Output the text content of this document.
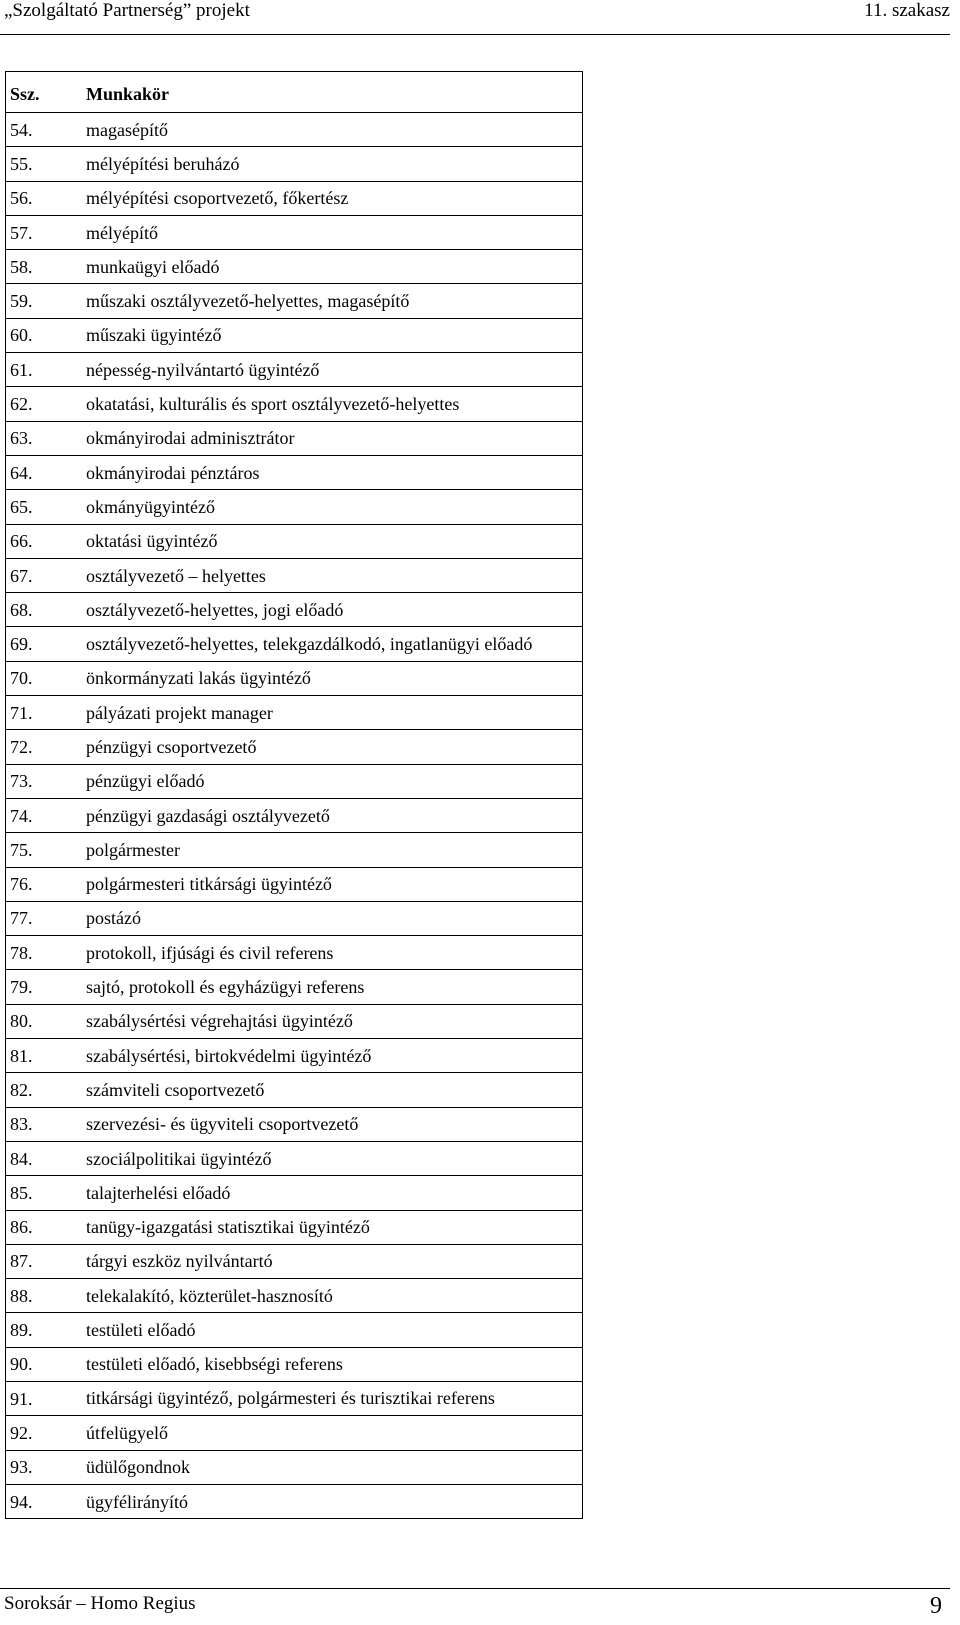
„Szolgáltató Partnerség” projekt	11. szakasz
Ssz.	Munkakör
54.	magasépítő
55.	mélyépítési beruházó
56.	mélyépítési csoportvezető, főkertész
57.	mélyépítő
58.	munkaügyi előadó
59.	műszaki osztályvezető-helyettes, magasépítő
60.	műszaki ügyintéző
61.	népesség-nyilvántartó ügyintéző
62.	okatatási, kulturális és sport osztályvezető-helyettes
63.	okmányirodai adminisztrátor
64.	okmányirodai pénztáros
65.	okmányügyintéző
66.	oktatási ügyintéző
67.	osztályvezető – helyettes
68.	osztályvezető-helyettes, jogi előadó
69.	osztályvezető-helyettes, telekgazdálkodó, ingatlanügyi előadó
70.	önkormányzati lakás ügyintéző
71.	pályázati projekt manager
72.	pénzügyi csoportvezető
73.	pénzügyi előadó
74.	pénzügyi gazdasági osztályvezető
75.	polgármester
76.	polgármesteri titkársági ügyintéző
77.	postázó
78.	protokoll, ifjúsági és civil referens
79.	sajtó, protokoll és egyházügyi referens
80.	szabálysértési végrehajtási ügyintéző
81.	szabálysértési, birtokvédelmi ügyintéző
82.	számviteli csoportvezető
83.	szervezési- és ügyviteli csoportvezető
84.	szociálpolitikai ügyintéző
85.	talajterhelési előadó
86.	tanügy-igazgatási statisztikai ügyintéző
87.	tárgyi eszköz nyilvántartó
88.	telekalakító, közterület-hasznosító
89.	testületi előadó
90.	testületi előadó, kisebbségi referens
91.	titkársági ügyintéző, polgármesteri és turisztikai referens
92.	útfelügyelő
93.	üdülőgondnok
94.	ügyfélirányító
Soroksár – Homo Regius	9
